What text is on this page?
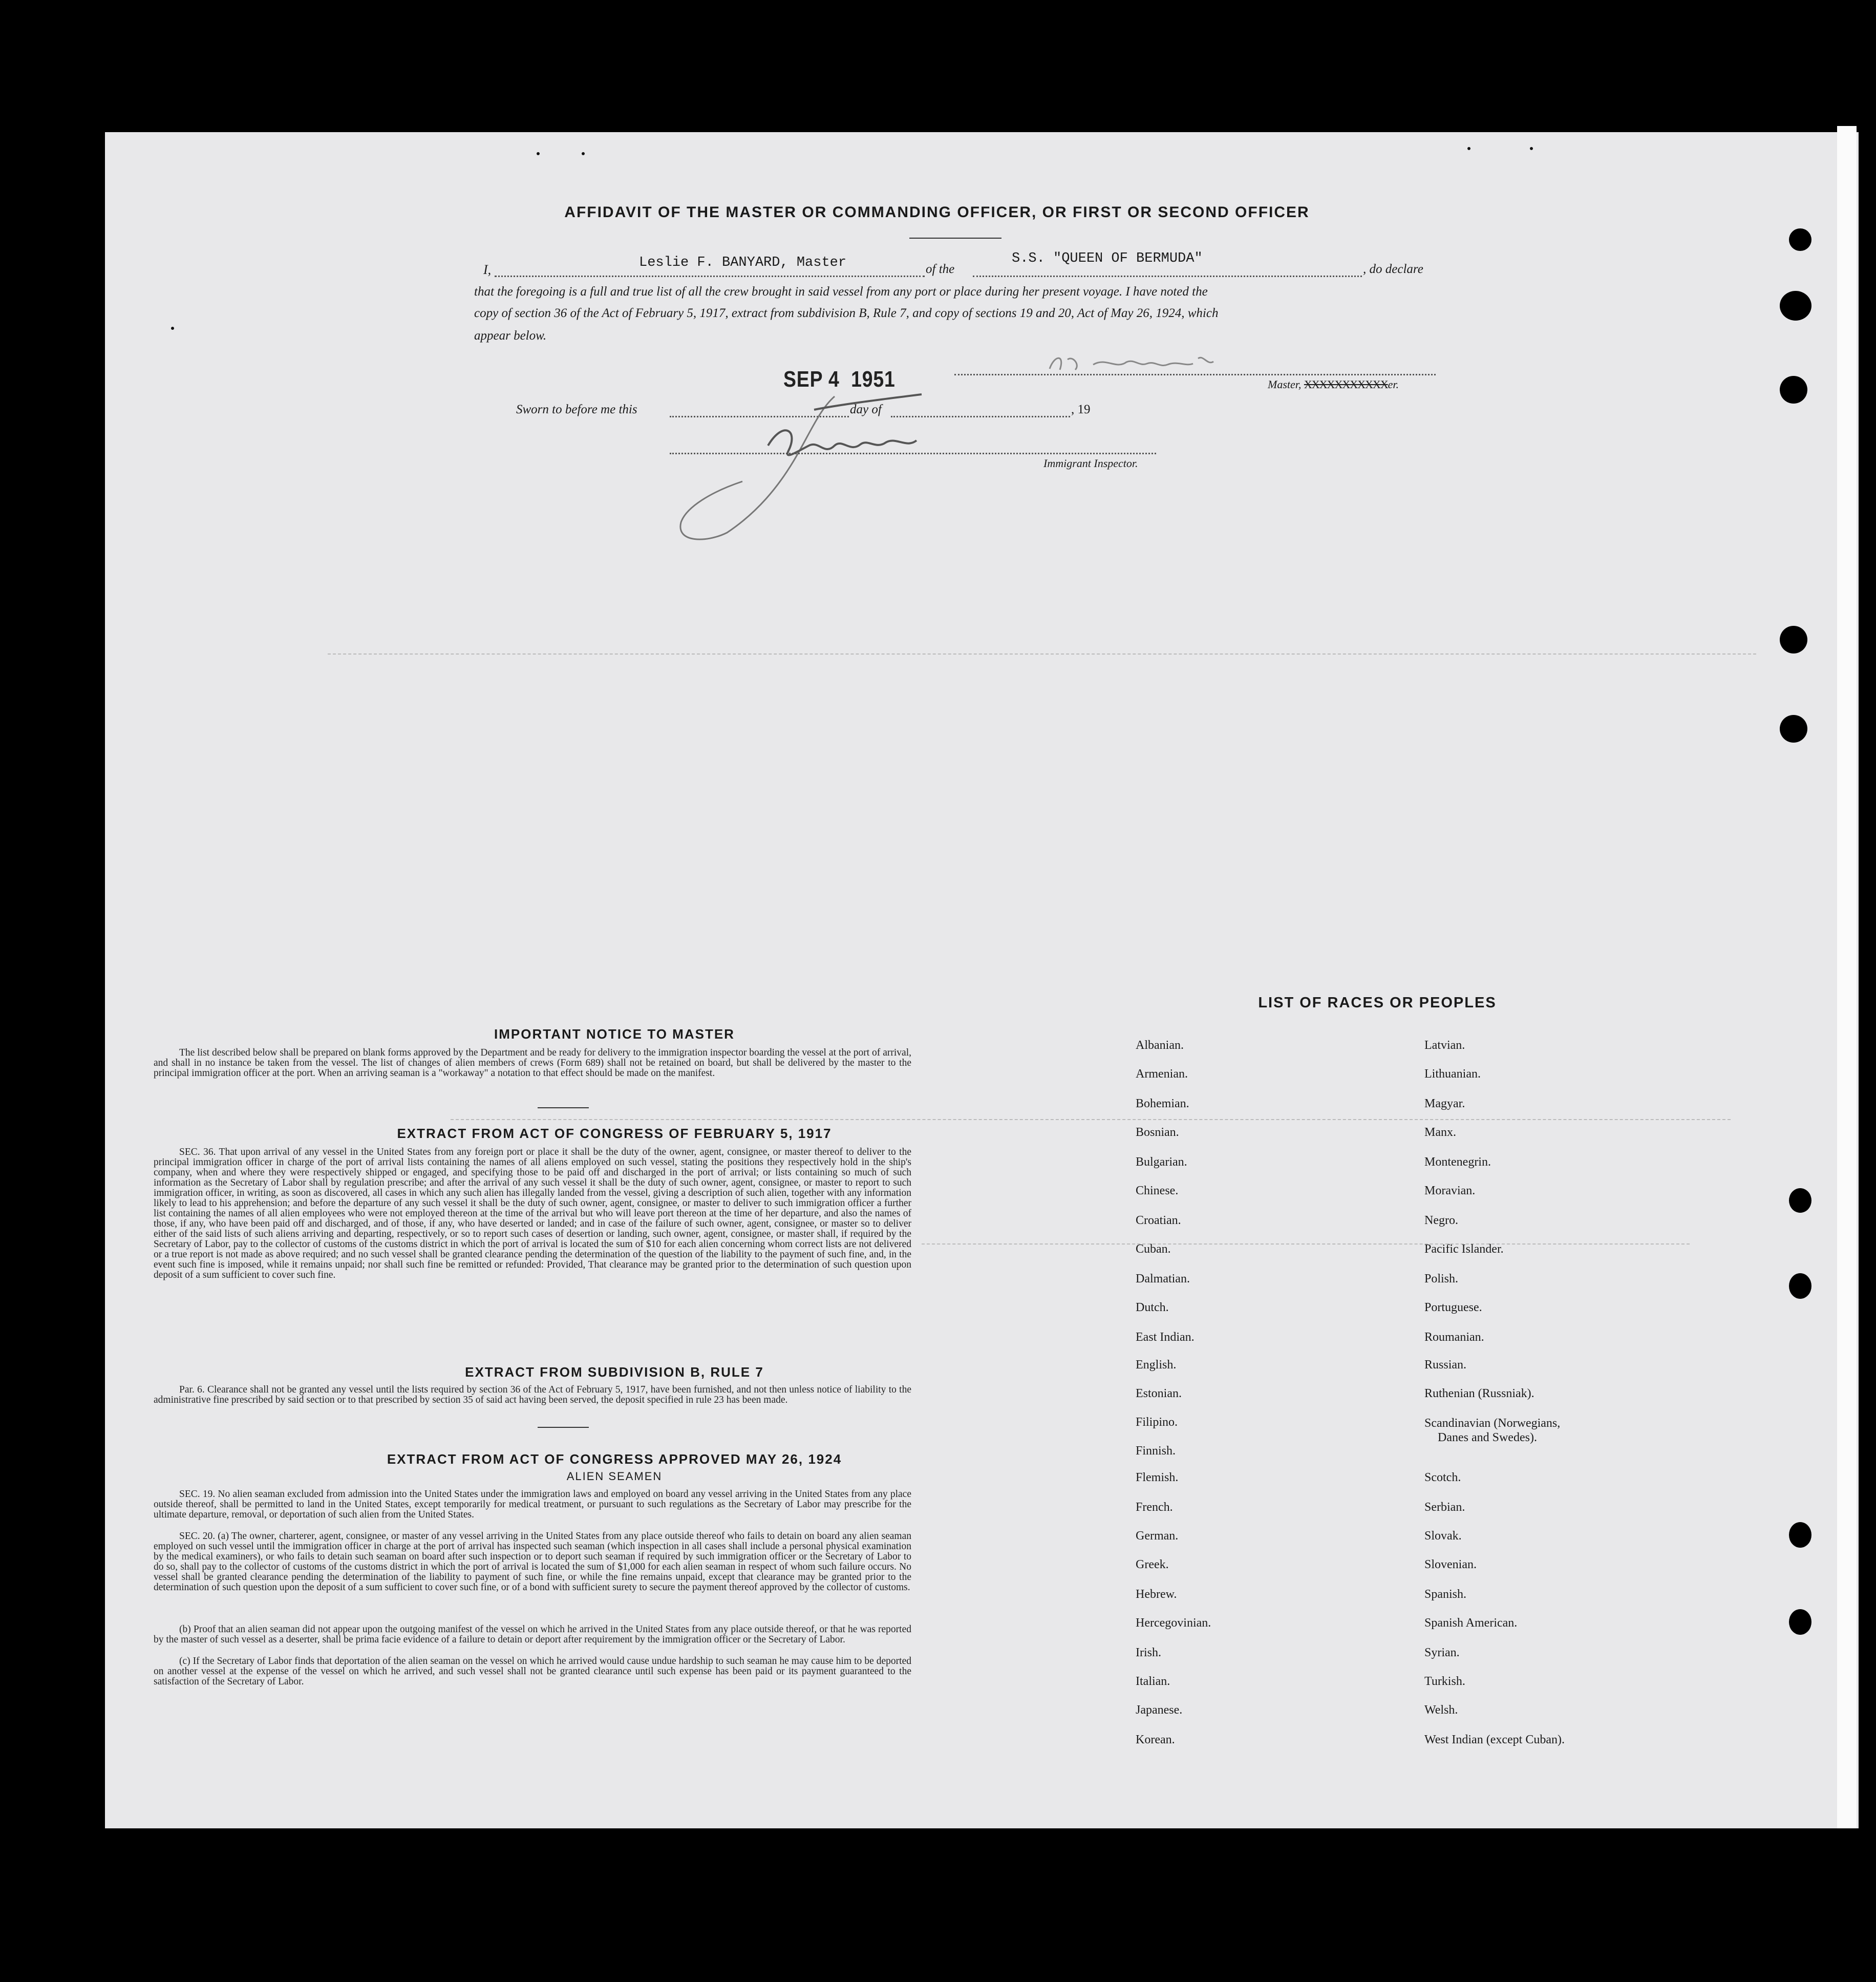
AFFIDAVIT OF THE MASTER OR COMMANDING OFFICER, OR FIRST OR SECOND OFFICER
I,	Leslie F. BANYARD, Master	of the
S.S. "QUEEN OF BERMUDA"
, do declare
that the foregoing is a full and true list of all the crew brought in said vessel from any port or place during her present voyage. I have noted the
copy of section 36 of the Act of February 5, 1917, extract from subdivision B, Rule 7, and copy of sections 19 and 20, Act of May 26, 1924, which
appear below.
SEP 4  1951	Master, XXXXXXXXXXXer.
Sworn to before me this	day of	, 19
Immigrant Inspector.
IMPORTANT NOTICE TO MASTER
The list described below shall be prepared on blank forms approved by the Department and be ready for delivery to the immigration inspector boarding the vessel at the port of arrival, and shall in no instance be taken from the vessel. The list of changes of alien members of crews (Form 689) shall not be retained on board, but shall be delivered by the master to the principal immigration officer at the port. When an arriving seaman is a "workaway" a notation to that effect should be made on the manifest.
EXTRACT FROM ACT OF CONGRESS OF FEBRUARY 5, 1917
SEC. 36. That upon arrival of any vessel in the United States from any foreign port or place it shall be the duty of the owner, agent, consignee, or master thereof to deliver to the principal immigration officer in charge of the port of arrival lists containing the names of all aliens employed on such vessel, stating the positions they respectively hold in the ship's company, when and where they were respectively shipped or engaged, and specifying those to be paid off and discharged in the port of arrival; or lists containing so much of such information as the Secretary of Labor shall by regulation prescribe; and after the arrival of any such vessel it shall be the duty of such owner, agent, consignee, or master to report to such immigration officer, in writing, as soon as discovered, all cases in which any such alien has illegally landed from the vessel, giving a description of such alien, together with any information likely to lead to his apprehension; and before the departure of any such vessel it shall be the duty of such owner, agent, consignee, or master to deliver to such immigration officer a further list containing the names of all alien employees who were not employed thereon at the time of the arrival but who will leave port thereon at the time of her departure, and also the names of those, if any, who have been paid off and discharged, and of those, if any, who have deserted or landed; and in case of the failure of such owner, agent, consignee, or master so to deliver either of the said lists of such aliens arriving and departing, respectively, or so to report such cases of desertion or landing, such owner, agent, consignee, or master shall, if required by the Secretary of Labor, pay to the collector of customs of the customs district in which the port of arrival is located the sum of $10 for each alien concerning whom correct lists are not delivered or a true report is not made as above required; and no such vessel shall be granted clearance pending the determination of the question of the liability to the payment of such fine, and, in the event such fine is imposed, while it remains unpaid; nor shall such fine be remitted or refunded: Provided, That clearance may be granted prior to the determination of such question upon deposit of a sum sufficient to cover such fine.
EXTRACT FROM SUBDIVISION B, RULE 7
Par. 6. Clearance shall not be granted any vessel until the lists required by section 36 of the Act of February 5, 1917, have been furnished, and not then unless notice of liability to the administrative fine prescribed by said section or to that prescribed by section 35 of said act having been served, the deposit specified in rule 23 has been made.
EXTRACT FROM ACT OF CONGRESS APPROVED MAY 26, 1924
ALIEN SEAMEN
SEC. 19. No alien seaman excluded from admission into the United States under the immigration laws and employed on board any vessel arriving in the United States from any place outside thereof, shall be permitted to land in the United States, except temporarily for medical treatment, or pursuant to such regulations as the Secretary of Labor may prescribe for the ultimate departure, removal, or deportation of such alien from the United States.
SEC. 20. (a) The owner, charterer, agent, consignee, or master of any vessel arriving in the United States from any place outside thereof who fails to detain on board any alien seaman employed on such vessel until the immigration officer in charge at the port of arrival has inspected such seaman (which inspection in all cases shall include a personal physical examination by the medical examiners), or who fails to detain such seaman on board after such inspection or to deport such seaman if required by such immigration officer or the Secretary of Labor to do so, shall pay to the collector of customs of the customs district in which the port of arrival is located the sum of $1,000 for each alien seaman in respect of whom such failure occurs. No vessel shall be granted clearance pending the determination of the liability to payment of such fine, or while the fine remains unpaid, except that clearance may be granted prior to the determination of such question upon the deposit of a sum sufficient to cover such fine, or of a bond with sufficient surety to secure the payment thereof approved by the collector of customs.
(b) Proof that an alien seaman did not appear upon the outgoing manifest of the vessel on which he arrived in the United States from any place outside thereof, or that he was reported by the master of such vessel as a deserter, shall be prima facie evidence of a failure to detain or deport after requirement by the immigration officer or the Secretary of Labor.
(c) If the Secretary of Labor finds that deportation of the alien seaman on the vessel on which he arrived would cause undue hardship to such seaman he may cause him to be deported on another vessel at the expense of the vessel on which he arrived, and such vessel shall not be granted clearance until such expense has been paid or its payment guaranteed to the satisfaction of the Secretary of Labor.
LIST OF RACES OR PEOPLES
Albanian.
Armenian.
Bohemian.
Bosnian.
Bulgarian.
Chinese.
Croatian.
Cuban.
Dalmatian.
Dutch.
East Indian.
English.
Estonian.
Filipino.
Finnish.
Flemish.
French.
German.
Greek.
Hebrew.
Hercegovinian.
Irish.
Italian.
Japanese.
Korean.
Latvian.
Lithuanian.
Magyar.
Manx.
Montenegrin.
Moravian.
Negro.
Pacific Islander.
Polish.
Portuguese.
Roumanian.
Russian.
Ruthenian (Russniak).
Scandinavian (Norwegians,
Danes and Swedes).
Scotch.
Serbian.
Slovak.
Slovenian.
Spanish.
Spanish American.
Syrian.
Turkish.
Welsh.
West Indian (except Cuban).
